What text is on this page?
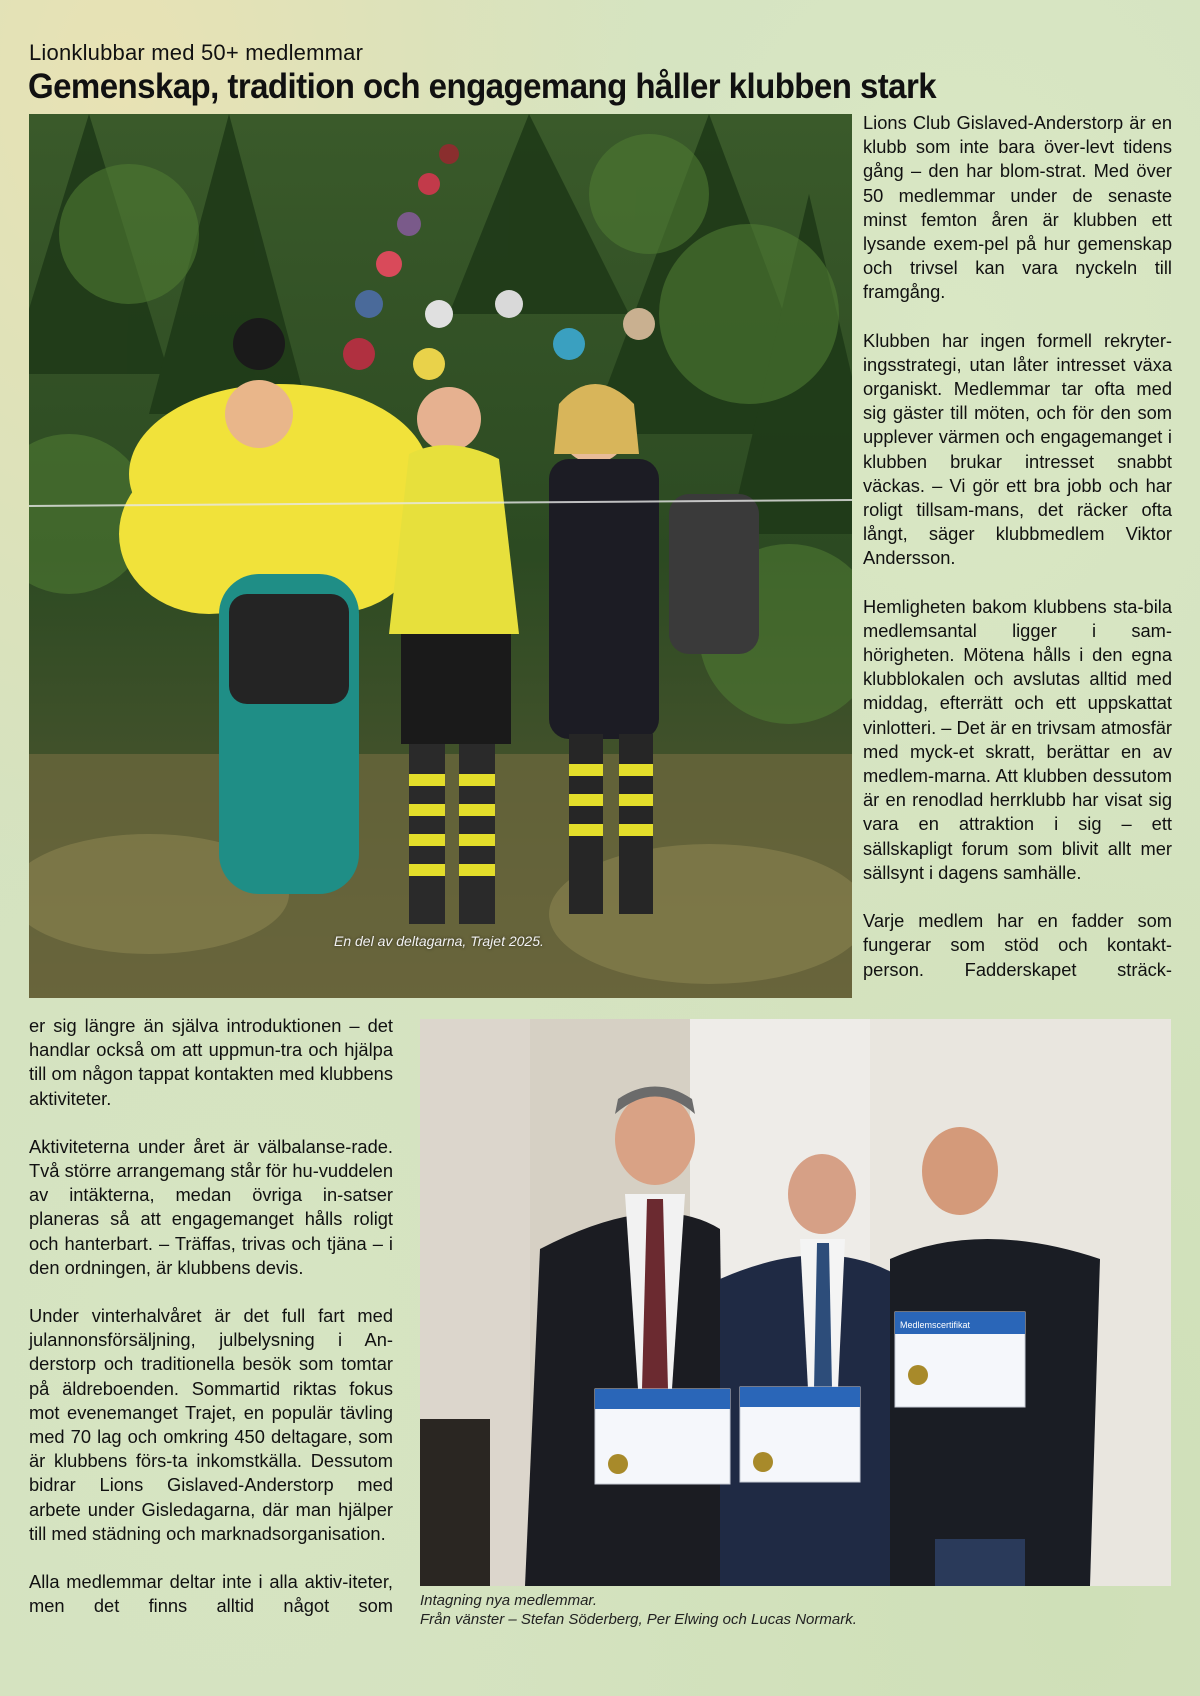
Lionklubbar med 50+ medlemmar
Gemenskap, tradition och engagemang håller klubben stark
En del av deltagarna, Trajet 2025.

Lions Club Gislaved-Anderstorp är en klubb som inte bara över-levt tidens gång – den har blom-strat. Med över 50 medlemmar under de senaste minst femton åren är klubben ett lysande exem-pel på hur gemenskap och trivsel kan vara nyckeln till framgång.

Klubben har ingen formell rekryter-ingsstrategi, utan låter intresset växa organiskt. Medlemmar tar ofta med sig gäster till möten, och för den som upplever värmen och engagemanget i klubben brukar intresset snabbt väckas. – Vi gör ett bra jobb och har roligt tillsam-mans, det räcker ofta långt, säger klubbmedlem Viktor Andersson.

Hemligheten bakom klubbens sta-bila medlemsantal ligger i sam-hörigheten. Mötena hålls i den egna klubblokalen och avslutas alltid med middag, efterrätt och ett uppskattat vinlotteri. – Det är en trivsam atmosfär med myck-et skratt, berättar en av medlem-marna. Att klubben dessutom är en renodlad herrklubb har visat sig vara en attraktion i sig – ett sällskapligt forum som blivit allt mer sällsynt i dagens samhälle.

Varje medlem har en fadder som fungerar som stöd och kontakt-person. Fadderskapet sträck-

er sig längre än själva introduktionen – det handlar också om att uppmun-tra och hjälpa till om någon tappat kontakten med klubbens aktiviteter.

Aktiviteterna under året är välbalanse-rade. Två större arrangemang står för hu-vuddelen av intäkterna, medan övriga in-satser planeras så att engagemanget hålls roligt och hanterbart. – Träffas, trivas och tjäna – i den ordningen, är klubbens devis.

Under vinterhalvåret är det full fart med julannonsförsäljning, julbelysning i An-derstorp och traditionella besök som tomtar på äldreboenden. Sommartid riktas fokus mot evenemanget Trajet, en populär tävling med 70 lag och omkring 450 deltagare, som är klubbens förs-ta inkomstkälla. Dessutom bidrar Lions Gislaved-Anderstorp med arbete under Gisledagarna, där man hjälper till med städning och marknadsorganisation.

Alla medlemmar deltar inte i alla aktiv-iteter, men det finns alltid något som

Medlemscertifikat
Intagning nya medlemmar.
Från vänster – Stefan Söderberg, Per Elwing och Lucas Normark.
